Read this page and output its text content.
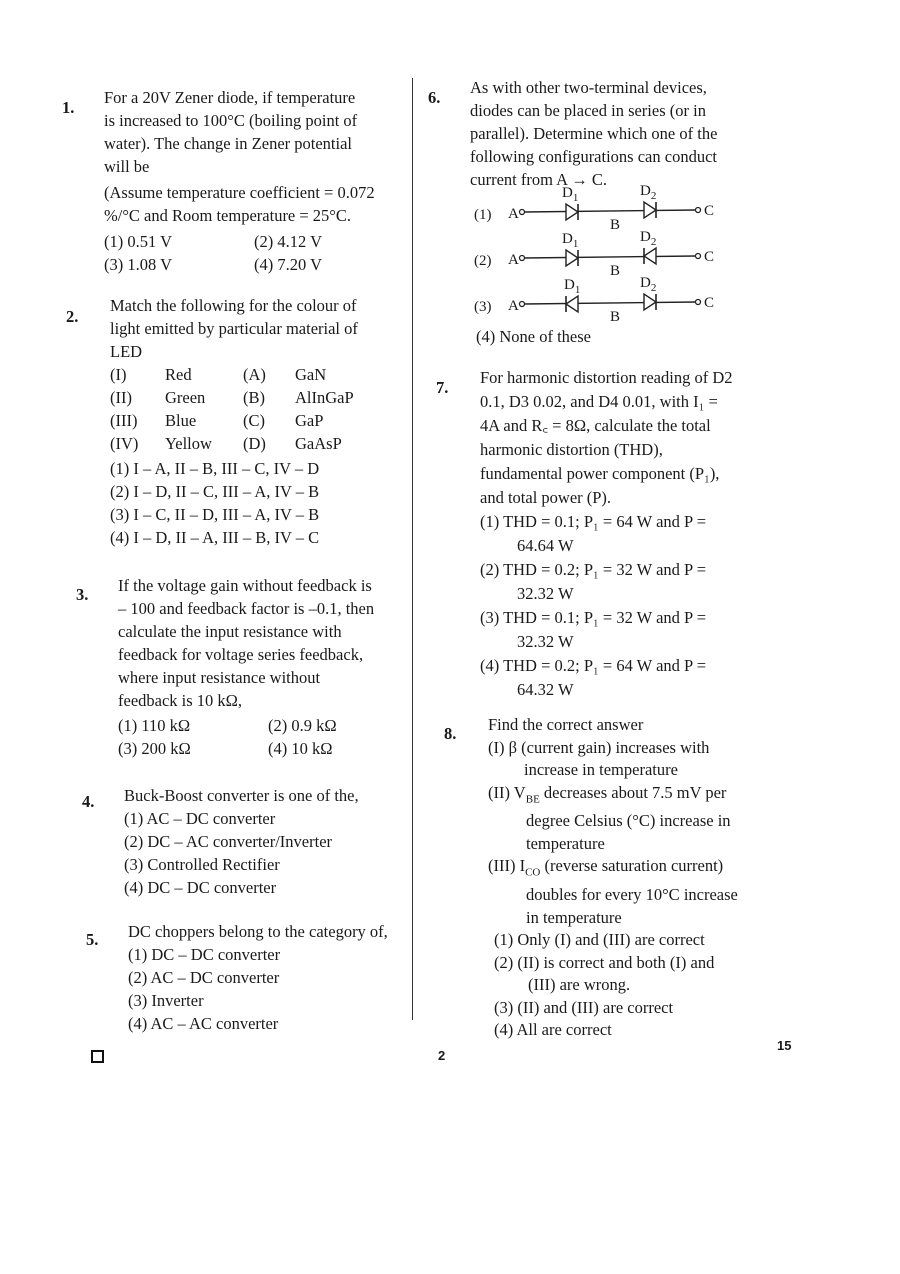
1.
For a 20V Zener diode, if temperature
is increased to 100°C (boiling point of
water). The change in Zener potential
will be
(Assume temperature coefficient = 0.072
%/°C and Room temperature = 25°C.
(1) 0.51 V	(2) 4.12 V
(3) 1.08 V	(4) 7.20 V
2.
Match the following for the colour of
light emitted by particular material of
LED
(I)	Red	(A)	GaN
(II)	Green	(B)	AlInGaP
(III)	Blue	(C)	GaP
(IV)	Yellow	(D)	GaAsP
(1) I – A, II – B, III – C, IV – D
(2) I – D, II – C, III – A, IV – B
(3) I – C, II – D, III – A, IV – B
(4) I – D, II – A, III – B, IV – C
3. If the voltage gain without feedback is
– 100 and feedback factor is –0.1, then
calculate the input resistance with
feedback for voltage series feedback,
where input resistance without
feedback is 10 kΩ,
(1) 110 kΩ	(2) 0.9 kΩ
(3) 200 kΩ	(4) 10 kΩ
4. Buck-Boost converter is one of the,
(1) AC – DC converter
(2) DC – AC converter/Inverter
(3) Controlled Rectifier
(4) DC – DC converter
5. DC choppers belong to the category of,
(1) DC – DC converter
(2) AC – DC converter
(3) Inverter
(4) AC – AC converter
6.
As with other two-terminal devices,
diodes can be placed in series (or in
parallel). Determine which one of the
following configurations can conduct
current from A → C.
(1) A
$D_1$	$D_2$
B
C
(2) A
$D_1$	$D_2$
B
C
(3) A
$D_1$	$D_2$
B
C
(4) None of these
7.
For harmonic distortion reading of D2
0.1, D3 0.02, and D4 0.01, with I₁ =
4A and R꜀ = 8Ω, calculate the total
harmonic distortion (THD),
fundamental power component (P₁),
and total power (P).
(1) THD = 0.1; P₁ = 64 W and P =
64.64 W
(2) THD = 0.2; P₁ = 32 W and P =
32.32 W
(3) THD = 0.1; P₁ = 32 W and P =
32.32 W
(4) THD = 0.2; P₁ = 64 W and P =
64.32 W
8. Find the correct answer
(I) β (current gain) increases with
increase in temperature
(II) $V_{BE}$ decreases about 7.5 mV per
degree Celsius (°C) increase in
temperature
(III) $I_{CO}$ (reverse saturation current)
doubles for every 10°C increase
in temperature
(1) Only (I) and (III) are correct
(2) (II) is correct and both (I) and
(III) are wrong.
(3) (II) and (III) are correct
(4) All are correct
2
15
